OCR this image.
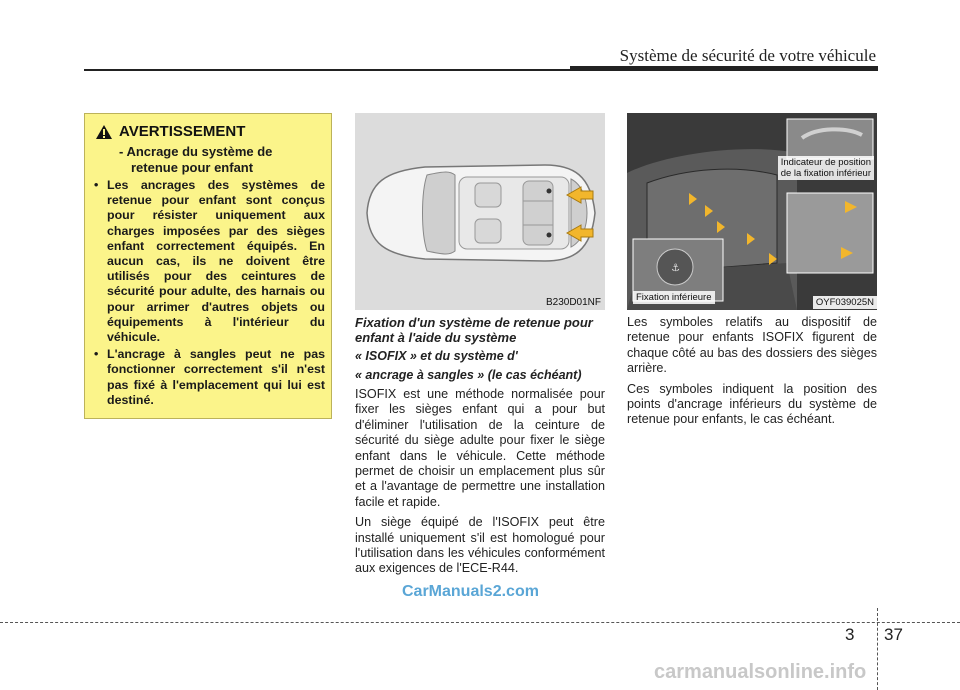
Système de sécurité de votre véhicule
AVERTISSEMENT
- Ancrage du système de
retenue pour enfant
• Les ancrages des systèmes de retenue pour enfant sont conçus pour résister uniquement aux charges imposées par des sièges enfant correctement équipés. En aucun cas, ils ne doivent être utilisés pour des ceintures de sécurité pour adulte, des harnais ou pour arrimer d'autres objets ou équipements à l'intérieur du véhicule.
• L'ancrage à sangles peut ne pas fonctionner correctement s'il n'est pas fixé à l'emplacement qui lui est destiné.
B230D01NF
⚓
Indicateur de position
de la fixation inférieur
Fixation inférieure	OYF039025N
Fixation d'un système de retenue pour enfant à l'aide du système
« ISOFIX » et du système d'
« ancrage à sangles » (le cas échéant)

ISOFIX est une méthode normalisée pour fixer les sièges enfant qui a pour but d'éliminer l'utilisation de la ceinture de sécurité du siège adulte pour fixer le siège enfant dans le véhicule. Cette méthode permet de choisir un emplacement plus sûr et a l'avantage de permettre une installation facile et rapide.

Un siège équipé de l'ISOFIX peut être installé uniquement s'il est homologué pour l'utilisation dans les véhicules conformément aux exigences de l'ECE-R44.

Les symboles relatifs au dispositif de retenue pour enfants ISOFIX figurent de chaque côté au bas des dossiers des sièges arrière.

Ces symboles indiquent la position des points d'ancrage inférieurs du système de retenue pour enfants, le cas échéant.

CarManuals2.com
3 37
carmanualsonline.info
